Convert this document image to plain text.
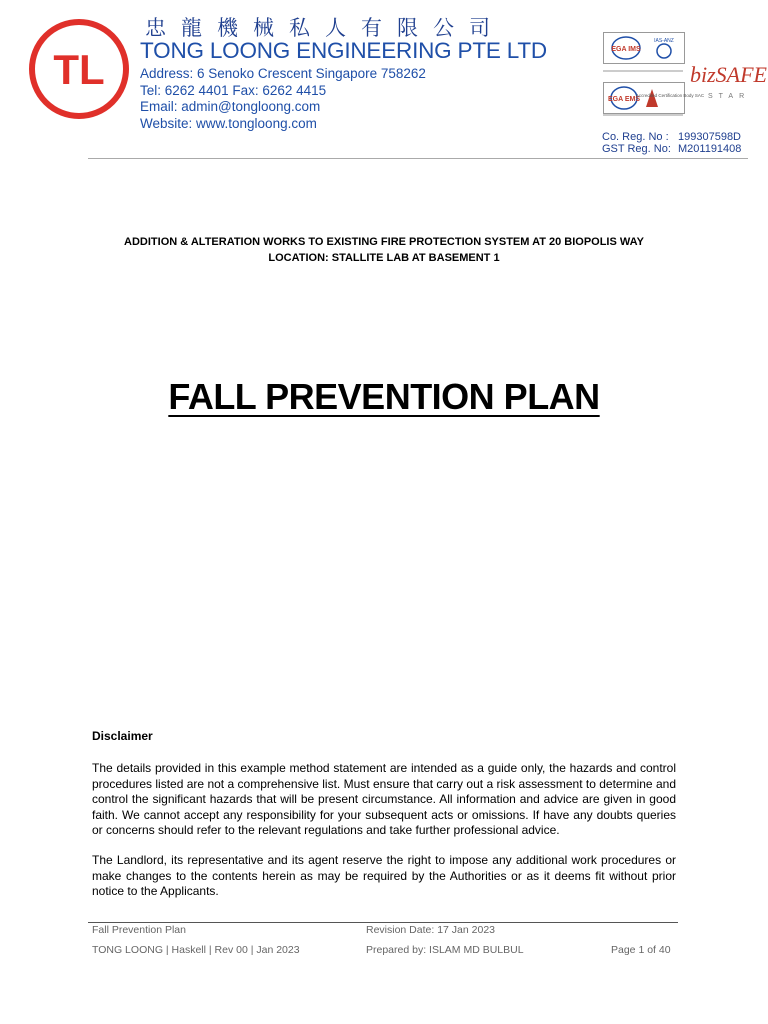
TL
忠龍機械私人有限公司
TONG LOONG ENGINEERING PTE LTD
Address: 6 Senoko Crescent Singapore 758262
Tel: 6262 4401 Fax: 6262 4415
Email: admin@tongloong.com
Website: www.tongloong.com
EGA IMS
IAS-ANZ
EGA EMS
Accredited Certification Body SAC
bizSAFE
STAR
Co. Reg. No : 199307598D
GST Reg. No: M201191408
ADDITION & ALTERATION WORKS TO EXISTING FIRE PROTECTION SYSTEM AT 20 BIOPOLIS WAY
LOCATION: STALLITE LAB AT BASEMENT 1
FALL PREVENTION PLAN
Disclaimer
The details provided in this example method statement are intended as a guide only, the hazards and control procedures listed are not a comprehensive list. Must ensure that carry out a risk assessment to determine and control the significant hazards that will be present circumstance. All information and advice are given in good faith. We cannot accept any responsibility for your subsequent acts or omissions. If have any doubts queries or concerns should refer to the relevant regulations and take further professional advice.
The Landlord, its representative and its agent reserve the right to impose any additional work procedures or make changes to the contents herein as may be required by the Authorities or as it deems fit without prior notice to the Applicants.
Fall Prevention Plan	Revision Date: 17 Jan 2023
TONG LOONG | Haskell | Rev 00 | Jan 2023	Prepared by: ISLAM MD BULBUL	Page 1 of 40
